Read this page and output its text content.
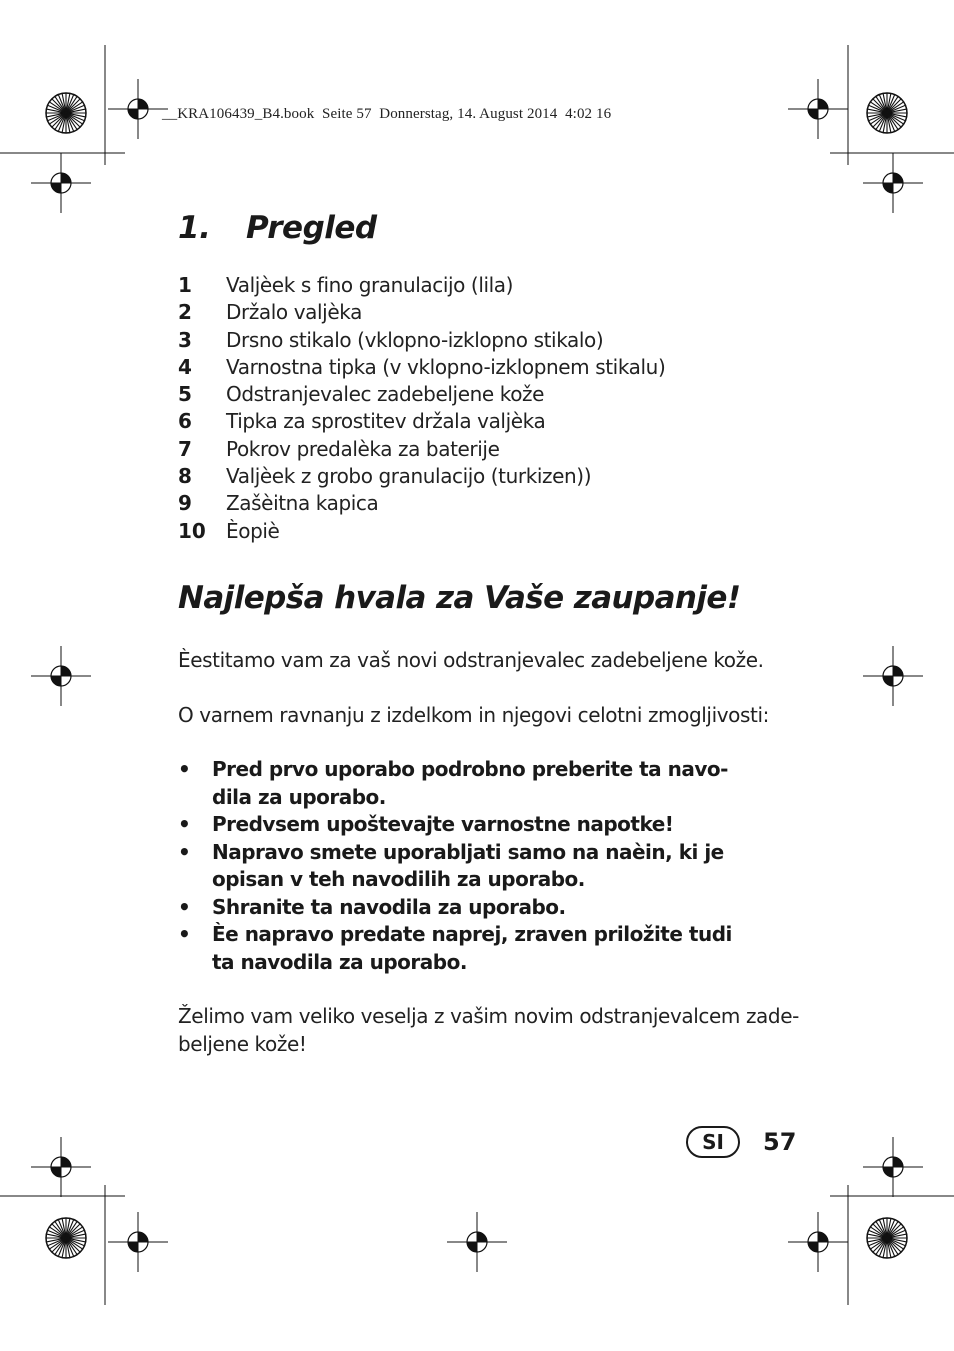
__KRA106439_B4.book  Seite 57  Donnerstag, 14. August 2014  4:02 16
1. Pregled
1 Valjèek s fino granulacijo (lila)
2 Držalo valjèka
3 Drsno stikalo (vklopno-izklopno stikalo)
4 Varnostna tipka (v vklopno-izklopnem stikalu)
5 Odstranjevalec zadebeljene kože
6 Tipka za sprostitev držala valjèka
7 Pokrov predalèka za baterije
8 Valjèek z grobo granulacijo (turkizen))
9 Zašèitna kapica
10 Èopiè
Najlepša hvala za Vaše zaupanje!

Èestitamo vam za vaš novi odstranjevalec zadebeljene kože.

O varnem ravnanju z izdelkom in njegovi celotni zmogljivosti:

• Pred prvo uporabo podrobno preberite ta navo-
dila za uporabo.
• Predvsem upoštevajte varnostne napotke!
• Napravo smete uporabljati samo na naèin, ki je
opisan v teh navodilih za uporabo.
• Shranite ta navodila za uporabo.
• Èe napravo predate naprej, zraven priložite tudi
ta navodila za uporabo.

Želimo vam veliko veselja z vašim novim odstranjevalcem zade-
beljene kože!

SI	57
